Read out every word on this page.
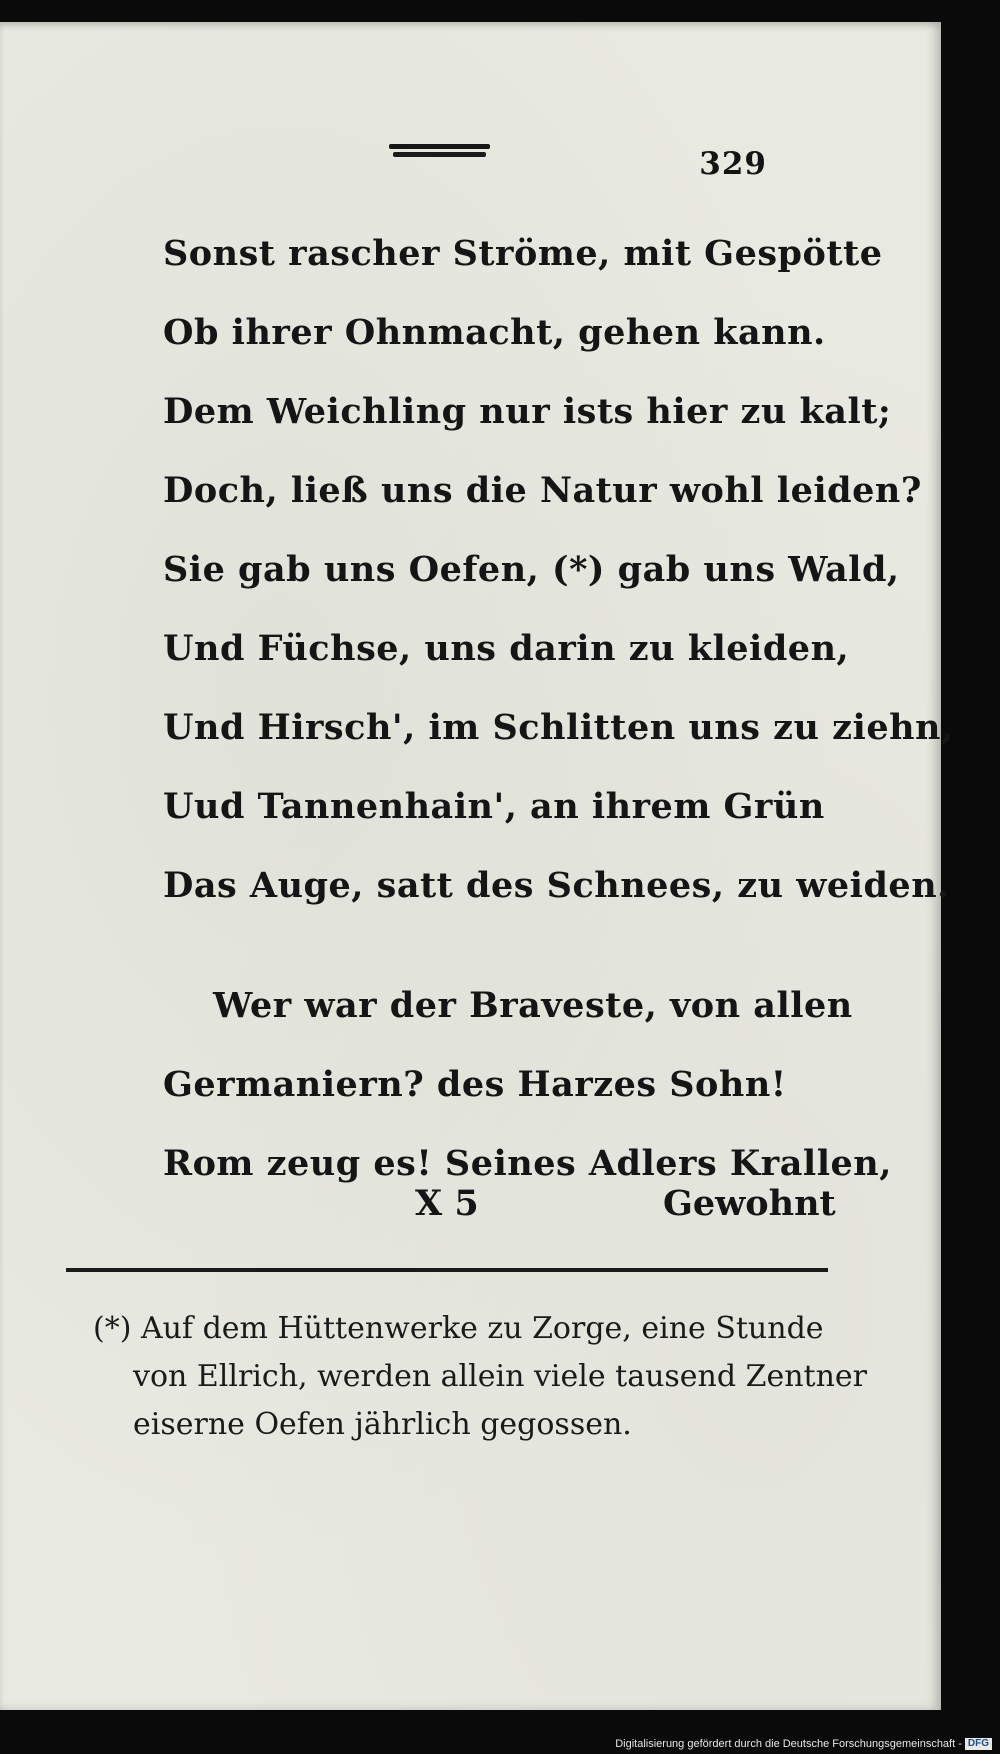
329
Sonst rascher Ströme, mit Gespötte
Ob ihrer Ohnmacht, gehen kann.
Dem Weichling nur ists hier zu kalt;
Doch, ließ uns die Natur wohl leiden?
Sie gab uns Oefen, (*) gab uns Wald,
Und Füchse, uns darin zu kleiden,
Und Hirsch', im Schlitten uns zu ziehn,
Uud Tannenhain', an ihrem Grün
Das Auge, satt des Schnees, zu weiden.
Wer war der Braveste, von allen
Germaniern? des Harzes Sohn!
Rom zeug es! Seines Adlers Krallen,
X 5	Gewohnt
(*) Auf dem Hüttenwerke zu Zorge, eine Stunde
von Ellrich, werden allein viele tausend Zentner
eiserne Oefen jährlich gegossen.
Digitalisierung gefördert durch die Deutsche Forschungsgemeinschaft - DFG
